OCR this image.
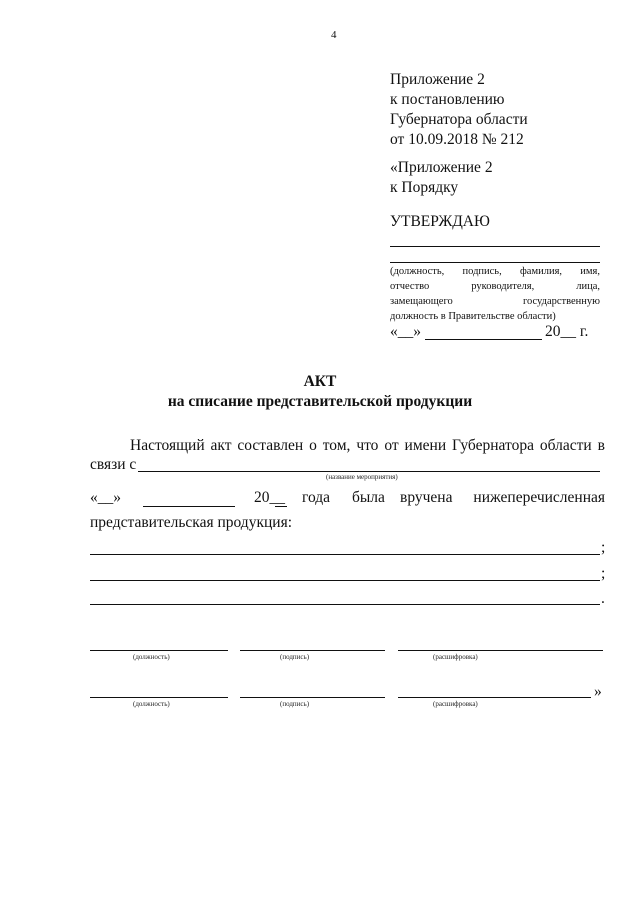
4
Приложение 2
к постановлению
Губернатора области
от 10.09.2018 № 212
«Приложение 2
к Порядку
УТВЕРЖДАЮ
(должность, подпись, фамилия, имя,
отчество	руководителя,	лица,
замещающего	государственную
должность в Правительстве области)
«__»	20__ г.
АКТ
на списание представительской продукции
Настоящий акт составлен о том, что от имени Губернатора области в
связи с
(название мероприятия)
«__»	20__ года была вручена нижеперечисленная
представительская продукция:
;
;
.
(должность)	(подпись)	(расшифровка)
»
(должность)	(подпись)	(расшифровка)
